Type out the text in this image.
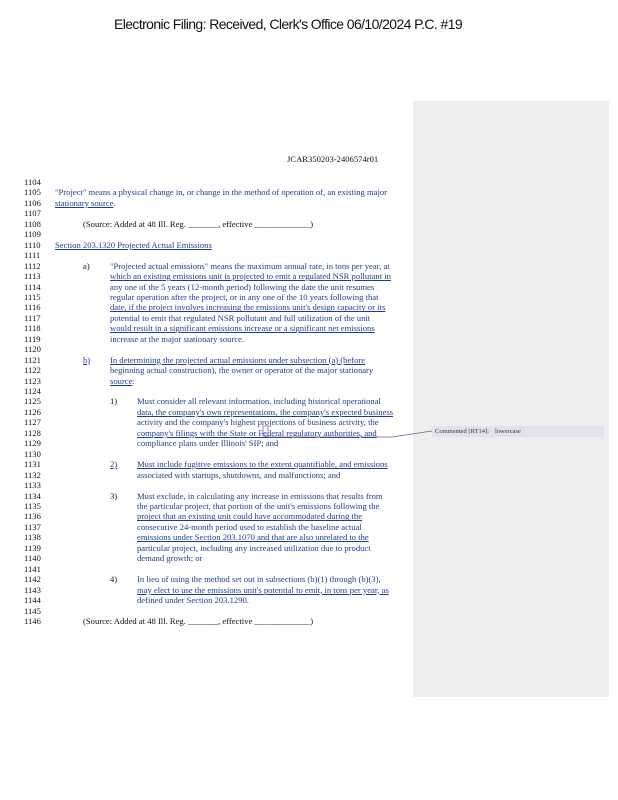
Electronic Filing: Received, Clerk's Office 06/10/2024 P.C. #19
JCAR350203-2406574r01
1104
1105 "Project" means a physical change in, or change in the method of operation of, an existing major
1106 stationary source.
1107
1108	(Source: Added at 48 Ill. Reg. _______, effective _____________)
1109
1110 Section 203.1320 Projected Actual Emissions
1111
1112	"Projected actual emissions" means the maximum annual rate, in tons per year, at
a)
1113	which an existing emissions unit is projected to emit a regulated NSR pollutant in
1114	any one of the 5 years (12-month period) following the date the unit resumes
1115	regular operation after the project, or in any one of the 10 years following that
1116	date, if the project involves increasing the emissions unit's design capacity or its
1117	potential to emit that regulated NSR pollutant and full utilization of the unit
1118	would result in a significant emissions increase or a significant net emissions
1119	increase at the major stationary source.
1120
1121	In determining the projected actual emissions under subsection (a) (before
b)
1122	beginning actual construction), the owner or operator of the major stationary
1123	source:
1124
1125	Must consider all relevant information, including historical operational
1)
1126	data, the company's own representations, the company's expected business
1127	activity and the company's highest projections of business activity, the
1128	company's filings with the State or Federal regulatory authorities, and
1129	compliance plans under Illinois' SIP; and
1130
1131	Must include fugitive emissions to the extent quantifiable, and emissions
2)
1132	associated with startups, shutdowns, and malfunctions; and
1133
1134	Must exclude, in calculating any increase in emissions that results from
3)
1135	the particular project, that portion of the unit's emissions following the
1136	project that an existing unit could have accommodated during the
1137	consecutive 24-month period used to establish the baseline actual
1138	emissions under Section 203.1070 and that are also unrelated to the
1139	particular project, including any increased utilization due to product
1140	demand growth; or
1141
1142	In lieu of using the method set out in subsections (b)(1) through (b)(3),
4)
1143	may elect to use the emissions unit's potential to emit, in tons per year, as
1144	defined under Section 203.1290.
1145
1146	(Source: Added at 48 Ill. Reg. _______, effective _____________)
Commented [RT14]: lowercase
